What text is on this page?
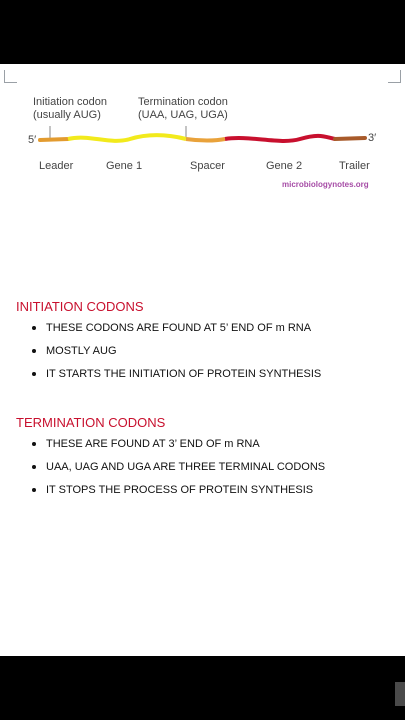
Initiation codon
(usually AUG)
Termination codon
(UAA, UAG, UGA)
5′	3′
Leader	Gene 1	Spacer	Gene 2	Trailer
microbiologynotes.org
INITIATION CODONS
THESE CODONS ARE FOUND AT 5’ END OF m RNA
MOSTLY AUG
IT STARTS THE INITIATION OF PROTEIN SYNTHESIS
TERMINATION CODONS
THESE ARE FOUND AT 3’ END OF m RNA
UAA, UAG AND UGA ARE THREE TERMINAL CODONS
IT STOPS THE PROCESS OF PROTEIN SYNTHESIS
